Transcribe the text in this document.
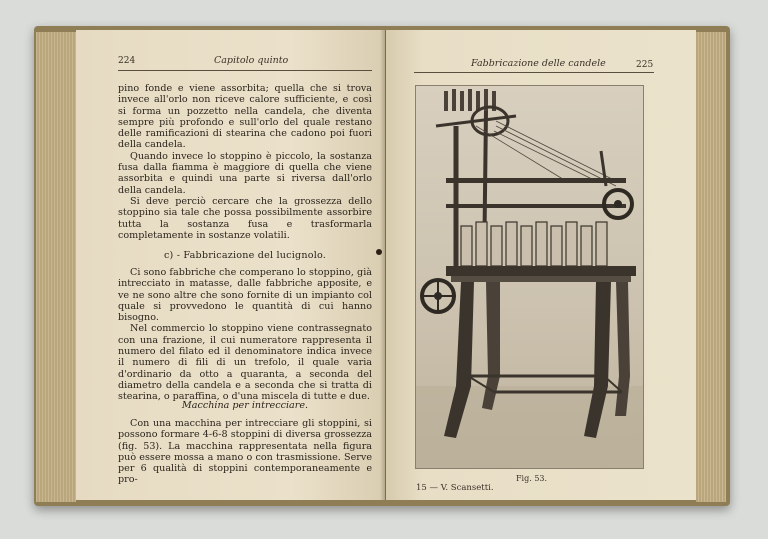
224	Capitolo quinto

pino fonde e viene assorbita; quella che si trova invece all'orlo non riceve calore sufficiente, e così si forma un pozzetto nella candela, che diventa sempre più profondo e sull'orlo del quale restano delle ramificazioni di stearina che cadono poi fuori della candela.

Quando invece lo stoppino è piccolo, la sostanza fusa dalla fiamma è maggiore di quella che viene assorbita e quindi una parte si riversa dall'orlo della candela.

Si deve perciò cercare che la grossezza dello stoppino sia tale che possa possibilmente assorbire tutta la sostanza fusa e trasformarla completamente in sostanze volatili.

c) - Fabbricazione del lucignolo.

Ci sono fabbriche che comperano lo stoppino, già intrecciato in matasse, dalle fabbriche apposite, e ve ne sono altre che sono fornite di un impianto col quale si provvedono le quantità di cui hanno bisogno.

Nel commercio lo stoppino viene contrassegnato con una frazione, il cui numeratore rappresenta il numero del filato ed il denominatore indica invece il numero di fili di un trefolo, il quale varia d'ordinario da otto a quaranta, a seconda del diametro della candela e a seconda che si tratta di stearina, o paraffina, o d'una miscela di tutte e due.

Macchina per intrecciare.

Con una macchina per intrecciare gli stoppini, si possono formare 4-6-8 stoppini di diversa grossezza (fig. 53). La macchina rappresentata nella figura può essere mossa a mano o con trasmissione. Serve per 6 qualità di stoppini contemporaneamente e pro-

Fabbricazione delle candele	225
Fig. 53.
15 — V. Scansetti.
